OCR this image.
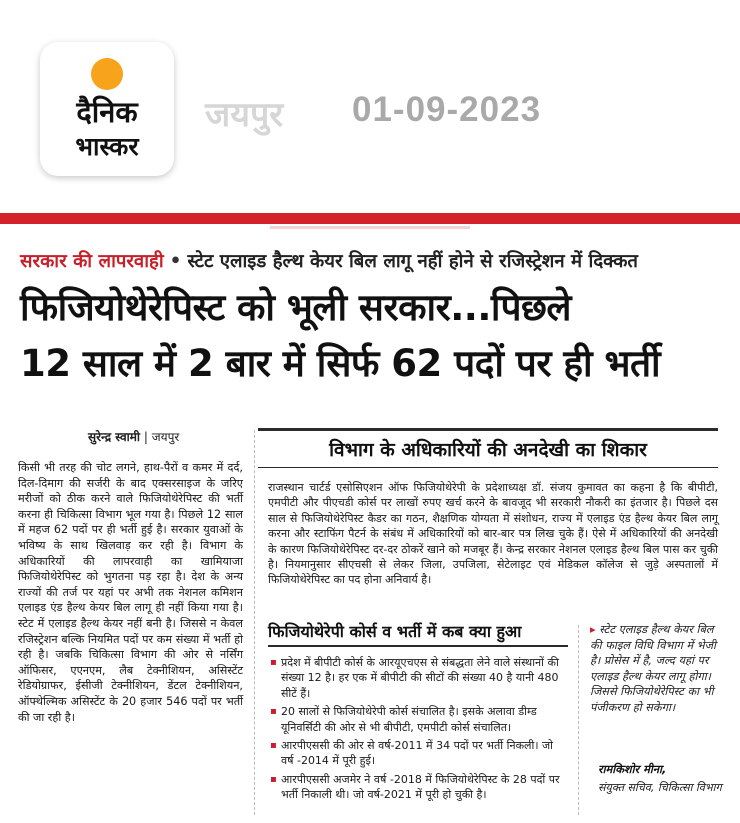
दैनिक
भास्कर
जयपुर 01-09-2023
सरकार की लापरवाही • स्टेट एलाइड हैल्थ केयर बिल लागू नहीं होने से रजिस्ट्रेशन में दिक्कत
फिजियोथेरेपिस्ट को भूली सरकार...पिछले
12 साल में 2 बार में सिर्फ 62 पदों पर ही भर्ती
सुरेन्द्र स्वामी | जयपुर
किसी भी तरह की चोट लगने, हाथ-पैरों व कमर में दर्द, दिल-दिमाग की सर्जरी के बाद एक्सरसाइज के जरिए मरीजों को ठीक करने वाले फिजियोथेरेपिस्ट की भर्ती करना ही चिकित्सा विभाग भूल गया है। पिछले 12 साल में महज 62 पदों पर ही भर्ती हुई है। सरकार युवाओं के भविष्य के साथ खिलवाड़ कर रही है। विभाग के अधिकारियों की लापरवाही का खामियाजा फिजियोथेरेपिस्ट को भुगतना पड़ रहा है। देश के अन्य राज्यों की तर्ज पर यहां पर अभी तक नेशनल कमिशन एलाइड एंड हैल्थ केयर बिल लागू ही नहीं किया गया है। स्टेट में एलाइड हैल्थ केयर नहीं बनी है। जिससे न केवल रजिस्ट्रेशन बल्कि नियमित पदों पर कम संख्या में भर्ती हो रही है। जबकि चिकित्सा विभाग की ओर से नर्सिंग ऑफिसर, एएनएम, लैब टेक्नीशियन, असिस्टेंट रेडियोग्राफर, ईसीजी टेक्नीशियन, डेंटल टेक्नीशियन, ऑफ्थेल्मिक असिस्टेंट के 20 हजार 546 पदों पर भर्ती की जा रही है।
विभाग के अधिकारियों की अनदेखी का शिकार
राजस्थान चार्टर्ड एसोसिएशन ऑफ फिजियोथेरेपी के प्रदेशाध्यक्ष डॉ. संजय कुमावत का कहना है कि बीपीटी, एमपीटी और पीएचडी कोर्स पर लाखों रुपए खर्च करने के बावजूद भी सरकारी नौकरी का इंतजार है। पिछले दस साल से फिजियोथेरेपिस्ट कैडर का गठन, शैक्षणिक योग्यता में संशोधन, राज्य में एलाइड एंड हैल्थ केयर बिल लागू करना और स्टाफिंग पैटर्न के संबंध में अधिकारियों को बार-बार पत्र लिख चुके हैं। ऐसे में अधिकारियों की अनदेखी के कारण फिजियोथेरेपिस्ट दर-दर ठोकरें खाने को मजबूर हैं। केन्द्र सरकार नेशनल एलाइड हैल्थ बिल पास कर चुकी है। नियमानुसार सीएचसी से लेकर जिला, उपजिला, सेटेलाइट एवं मेडिकल कॉलेज से जुड़े अस्पतालों में फिजियोथेरेपिस्ट का पद होना अनिवार्य है।
फिजियोथेरेपी कोर्स व भर्ती में कब क्या हुआ
▪ प्रदेश में बीपीटी कोर्स के आरयूएचएस से संबद्धता लेने वाले संस्थानों की संख्या 12 है। हर एक में बीपीटी की सीटों की संख्या 40 है यानी 480 सीटें हैं।
▪ 20 सालों से फिजियोथेरेपी कोर्स संचालित है। इसके अलावा डीम्ड यूनिवर्सिटी की ओर से भी बीपीटी, एमपीटी कोर्स संचालित।
▪ आरपीएससी की ओर से वर्ष-2011 में 34 पदों पर भर्ती निकली। जो वर्ष -2014 में पूरी हुई।
▪ आरपीएससी अजमेर ने वर्ष -2018 में फिजियोथेरेपिस्ट के 28 पदों पर भर्ती निकाली थी। जो वर्ष-2021 में पूरी हो चुकी है।
▸ स्टेट एलाइड हैल्थ केयर बिल की फाइल विधि विभाग में भेजी है। प्रोसेस में है, जल्द यहां पर एलाइड हैल्थ केयर लागू होगा। जिससे फिजियोथेरेपिस्ट का भी पंजीकरण हो सकेगा।
रामकिशोर मीना,
संयुक्त सचिव, चिकित्सा विभाग
